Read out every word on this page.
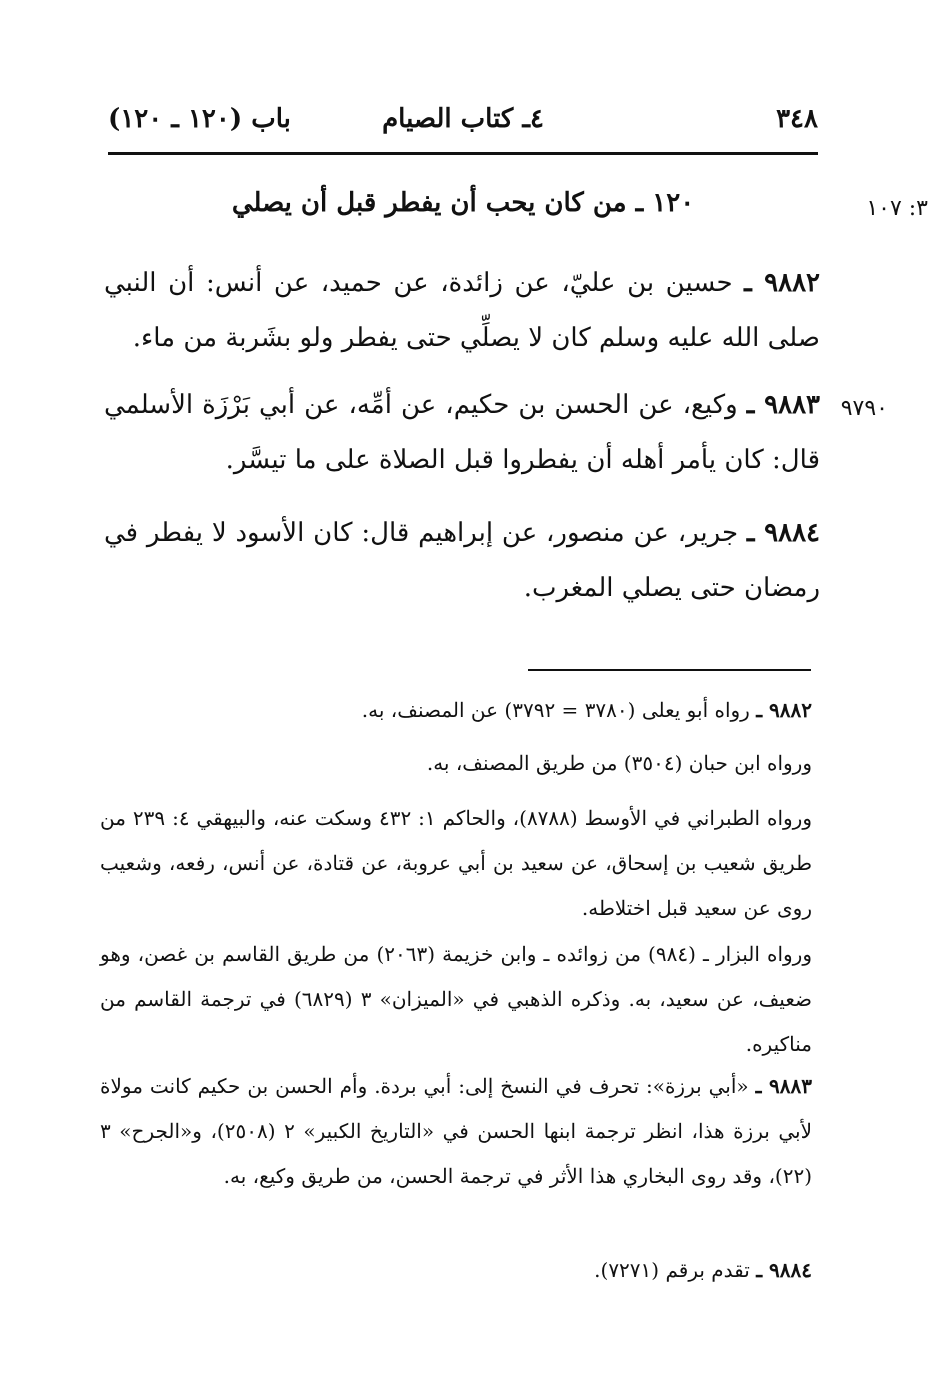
٣٤٨
٤ـ كتاب الصيام
باب (١٢٠ ـ ١٢٠)
٣: ١٠٧
١٢٠ ـ من كان يحب أن يفطر قبل أن يصلي
٩٨٨٢ ـ حسين بن عليّ، عن زائدة، عن حميد، عن أنس: أن النبي صلى الله عليه وسلم كان لا يصلِّي حتى يفطر ولو بشَربة من ماء.
٩٧٩٠
٩٨٨٣ ـ وكيع، عن الحسن بن حكيم، عن أمِّه، عن أبي بَرْزَة الأسلمي قال: كان يأمر أهله أن يفطروا قبل الصلاة على ما تيسَّر.
٩٨٨٤ ـ جرير، عن منصور، عن إبراهيم قال: كان الأسود لا يفطر في رمضان حتى يصلي المغرب.
٩٨٨٢ ـ رواه أبو يعلى (٣٧٨٠ = ٣٧٩٢) عن المصنف، به.
ورواه ابن حبان (٣٥٠٤) من طريق المصنف، به.
ورواه الطبراني في الأوسط (٨٧٨٨)، والحاكم ١: ٤٣٢ وسكت عنه، والبيهقي ٤: ٢٣٩ من طريق شعيب بن إسحاق، عن سعيد بن أبي عروبة، عن قتادة، عن أنس، رفعه، وشعيب روى عن سعيد قبل اختلاطه.
ورواه البزار ـ (٩٨٤) من زوائده ـ وابن خزيمة (٢٠٦٣) من طريق القاسم بن غصن، وهو ضعيف، عن سعيد، به. وذكره الذهبي في «الميزان» ٣ (٦٨٢٩) في ترجمة القاسم من مناكيره.
٩٨٨٣ ـ «أبي برزة»: تحرف في النسخ إلى: أبي بردة. وأم الحسن بن حكيم كانت مولاة لأبي برزة هذا، انظر ترجمة ابنها الحسن في «التاريخ الكبير» ٢ (٢٥٠٨)، و«الجرح» ٣ (٢٢)، وقد روى البخاري هذا الأثر في ترجمة الحسن، من طريق وكيع، به.
٩٨٨٤ ـ تقدم برقم (٧٢٧١).
